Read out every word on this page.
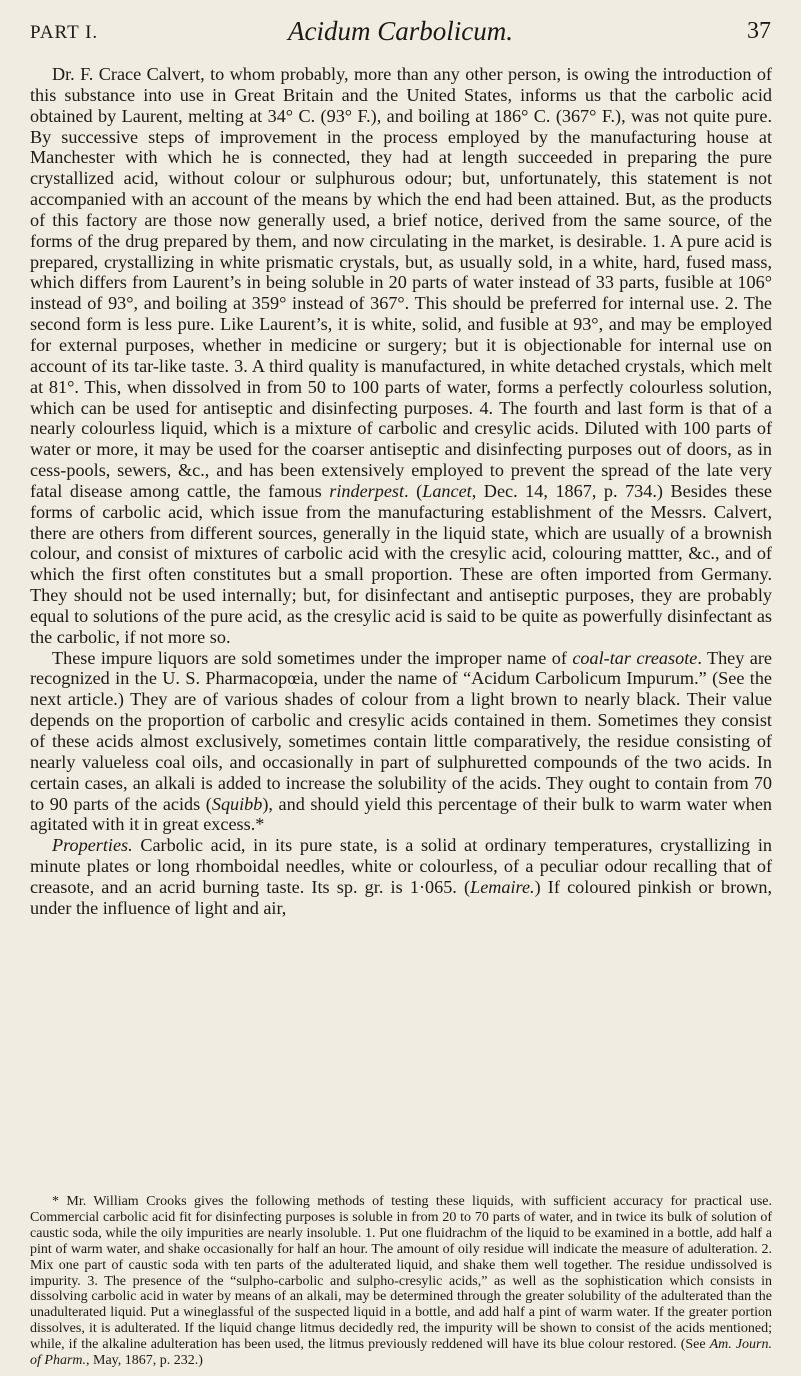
PART I.	Acidum Carbolicum.	37

Dr. F. Crace Calvert, to whom probably, more than any other person, is owing the introduction of this substance into use in Great Britain and the United States, informs us that the carbolic acid obtained by Laurent, melting at 34° C. (93° F.), and boiling at 186° C. (367° F.), was not quite pure. By successive steps of improvement in the process employed by the manufacturing house at Manchester with which he is connected, they had at length succeeded in preparing the pure crystallized acid, without colour or sulphurous odour; but, unfortunately, this statement is not accompanied with an account of the means by which the end had been attained. But, as the products of this factory are those now generally used, a brief notice, derived from the same source, of the forms of the drug prepared by them, and now circulating in the market, is desirable. 1. A pure acid is prepared, crystallizing in white prismatic crystals, but, as usually sold, in a white, hard, fused mass, which differs from Laurent’s in being soluble in 20 parts of water instead of 33 parts, fusible at 106° instead of 93°, and boiling at 359° instead of 367°. This should be preferred for internal use. 2. The second form is less pure. Like Laurent’s, it is white, solid, and fusible at 93°, and may be employed for external purposes, whether in medicine or surgery; but it is objectionable for internal use on account of its tar-like taste. 3. A third quality is manufactured, in white detached crystals, which melt at 81°. This, when dissolved in from 50 to 100 parts of water, forms a perfectly colourless solution, which can be used for antiseptic and disinfecting purposes. 4. The fourth and last form is that of a nearly colourless liquid, which is a mixture of carbolic and cresylic acids. Diluted with 100 parts of water or more, it may be used for the coarser antiseptic and disinfecting purposes out of doors, as in cess-pools, sewers, &c., and has been extensively employed to prevent the spread of the late very fatal disease among cattle, the famous rinderpest. (Lancet, Dec. 14, 1867, p. 734.) Besides these forms of carbolic acid, which issue from the manufacturing establishment of the Messrs. Calvert, there are others from different sources, generally in the liquid state, which are usually of a brownish colour, and consist of mixtures of carbolic acid with the cresylic acid, colouring mattter, &c., and of which the first often constitutes but a small proportion. These are often imported from Germany. They should not be used internally; but, for disinfectant and antiseptic purposes, they are probably equal to solutions of the pure acid, as the cresylic acid is said to be quite as powerfully disinfectant as the carbolic, if not more so.

These impure liquors are sold sometimes under the improper name of coal-tar creasote. They are recognized in the U. S. Pharmacopœia, under the name of “Acidum Carbolicum Impurum.” (See the next article.) They are of various shades of colour from a light brown to nearly black. Their value depends on the proportion of carbolic and cresylic acids contained in them. Sometimes they consist of these acids almost exclusively, sometimes contain little comparatively, the residue consisting of nearly valueless coal oils, and occasionally in part of sulphuretted compounds of the two acids. In certain cases, an alkali is added to increase the solubility of the acids. They ought to contain from 70 to 90 parts of the acids (Squibb), and should yield this percentage of their bulk to warm water when agitated with it in great excess.*

Properties. Carbolic acid, in its pure state, is a solid at ordinary temperatures, crystallizing in minute plates or long rhomboidal needles, white or colourless, of a peculiar odour recalling that of creasote, and an acrid burning taste. Its sp. gr. is 1·065. (Lemaire.) If coloured pinkish or brown, under the influence of light and air,

* Mr. William Crooks gives the following methods of testing these liquids, with sufficient accuracy for practical use. Commercial carbolic acid fit for disinfecting purposes is soluble in from 20 to 70 parts of water, and in twice its bulk of solution of caustic soda, while the oily impurities are nearly insoluble. 1. Put one fluidrachm of the liquid to be examined in a bottle, add half a pint of warm water, and shake occasionally for half an hour. The amount of oily residue will indicate the measure of adulteration. 2. Mix one part of caustic soda with ten parts of the adulterated liquid, and shake them well together. The residue undissolved is impurity. 3. The presence of the “sulpho-carbolic and sulpho-cresylic acids,” as well as the sophistication which consists in dissolving carbolic acid in water by means of an alkali, may be determined through the greater solubility of the adulterated than the unadulterated liquid. Put a wineglassful of the suspected liquid in a bottle, and add half a pint of warm water. If the greater portion dissolves, it is adulterated. If the liquid change litmus decidedly red, the impurity will be shown to consist of the acids mentioned; while, if the alkaline adulteration has been used, the litmus previously reddened will have its blue colour restored. (See Am. Journ. of Pharm., May, 1867, p. 232.)
